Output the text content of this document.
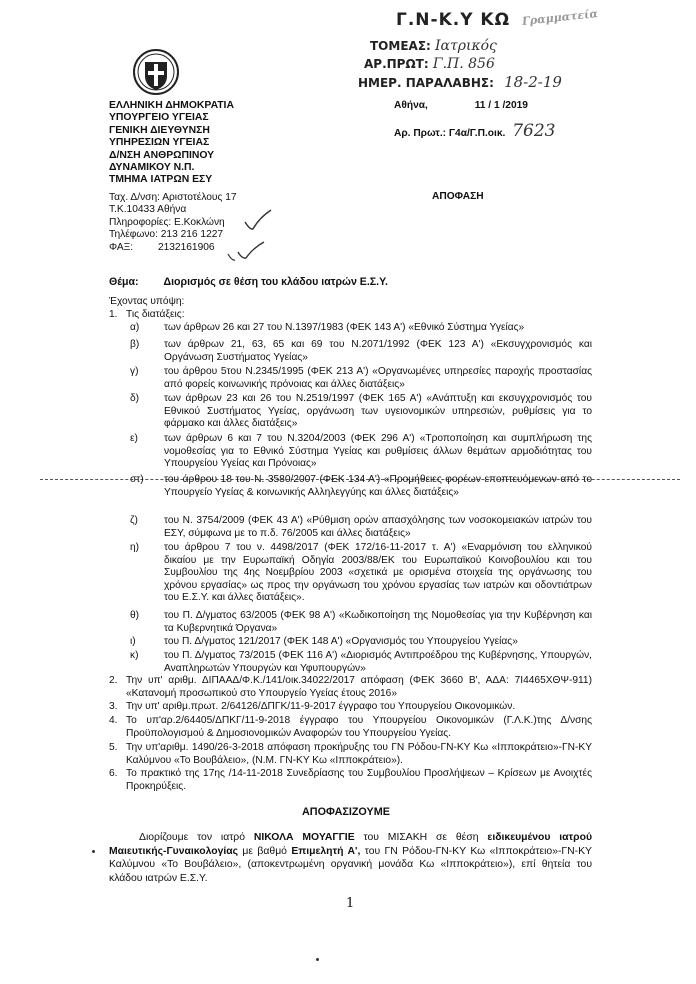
Γ.Ν-Κ.Υ ΚΩ Γραμματεία
ΤΟΜΕΑΣ: Ιατρικός
ΑΡ.ΠΡΩΤ: Γ.Π. 856
ΗΜΕΡ. ΠΑΡΑΛΑΒΗΣ: 18-2-19
ΕΛΛΗΝΙΚΗ ΔΗΜΟΚΡΑΤΙΑ
ΥΠΟΥΡΓΕΙΟ ΥΓΕΙΑΣ
ΓΕΝΙΚΗ ΔΙΕΥΘΥΝΣΗ
ΥΠΗΡΕΣΙΩΝ ΥΓΕΙΑΣ
Δ/ΝΣΗ ΑΝΘΡΩΠΙΝΟΥ
ΔΥΝΑΜΙΚΟΥ Ν.Π.
ΤΜΗΜΑ ΙΑΤΡΩΝ ΕΣΥ
Αθήνα,	11 / 1 /2019
Αρ. Πρωτ.: Γ4α/Γ.Π.οικ. 7623
ΑΠΟΦΑΣΗ
Ταχ. Δ/νση: Αριστοτέλους 17
Τ.Κ.10433 Αθήνα
Πληροφορίες: Ε.Κοκλώνη
Τηλέφωνο: 213 216 1227
ΦΑΞ: 2132161906
Θέμα: Διορισμός σε θέση του κλάδου ιατρών Ε.Σ.Υ.
Έχοντας υπόψη:
1. Τις διατάξεις:
α)	των άρθρων 26 και 27 του Ν.1397/1983 (ΦΕΚ 143 Α') «Εθνικό Σύστημα Υγείας»
β)	των άρθρων 21, 63, 65 και 69 του Ν.2071/1992 (ΦΕΚ 123 Α') «Εκσυγχρονισμός και Οργάνωση Συστήματος Υγείας»
γ)	του άρθρου 5του Ν.2345/1995 (ΦΕΚ 213 Α') «Οργανωμένες υπηρεσίες παροχής προστασίας από φορείς κοινωνικής πρόνοιας και άλλες διατάξεις»
δ)	των άρθρων 23 και 26 του Ν.2519/1997 (ΦΕΚ 165 Α') «Ανάπτυξη και εκσυγχρονισμός του Εθνικού Συστήματος Υγείας, οργάνωση των υγειονομικών υπηρεσιών, ρυθμίσεις για το φάρμακο και άλλες διατάξεις»
ε)	των άρθρων 6 και 7 του Ν.3204/2003 (ΦΕΚ 296 Α') «Τροποποίηση και συμπλήρωση της νομοθεσίας για το Εθνικό Σύστημα Υγείας και ρυθμίσεις άλλων θεμάτων αρμοδιότητας του Υπουργείου Υγείας και Πρόνοιας»
στ)	του άρθρου 18 του Ν. 3580/2007 (ΦΕΚ 134 Α') «Προμήθειες φορέων εποπτευόμενων από το Υπουργείο Υγείας & κοινωνικής Αλληλεγγύης και άλλες διατάξεις»
ζ)	του Ν. 3754/2009 (ΦΕΚ 43 Α') «Ρύθμιση ορών απασχόλησης των νοσοκομειακών ιατρών του ΕΣΥ, σύμφωνα με το π.δ. 76/2005 και άλλες διατάξεις»
η)	του άρθρου 7 του ν. 4498/2017 (ΦΕΚ 172/16-11-2017 τ. Α') «Εναρμόνιση του ελληνικού δικαίου με την Ευρωπαϊκή Οδηγία 2003/88/ΕΚ του Ευρωπαϊκού Κοινοβουλίου και του Συμβουλίου της 4ης Νοεμβρίου 2003 «σχετικά με ορισμένα στοιχεία της οργάνωσης του χρόνου εργασίας» ως προς την οργάνωση του χρόνου εργασίας των ιατρών και οδοντιάτρων του Ε.Σ.Υ. και άλλες διατάξεις».
θ)	του Π. Δ/γματος 63/2005 (ΦΕΚ 98 Α') «Κωδικοποίηση της Νομοθεσίας για την Κυβέρνηση και τα Κυβερνητικά Όργανα»
ι)	του Π. Δ/γματος 121/2017 (ΦΕΚ 148 Α') «Οργανισμός του Υπουργείου Υγείας»
κ)	του Π. Δ/γματος 73/2015 (ΦΕΚ 116 Α') «Διορισμός Αντιπροέδρου της Κυβέρνησης, Υπουργών, Αναπληρωτών Υπουργών και Υφυπουργών»
2. Την υπ' αριθμ. ΔΙΠΑΑΔ/Φ.Κ./141/οικ.34022/2017 απόφαση (ΦΕΚ 3660 Β', ΑΔΑ: 7Ι4465ΧΘΨ-911) «Κατανομή προσωπικού στο Υπουργείο Υγείας έτους 2016»
3. Την υπ' αριθμ.πρωτ. 2/64126/ΔΠΓΚ/11-9-2017 έγγραφο του Υπουργείου Οικονομικών.
4. Το υπ'αρ.2/64405/ΔΠΚΓ/11-9-2018 έγγραφο του Υπουργείου Οικονομικών (Γ.Λ.Κ.)της Δ/νσης Προϋπολογισμού & Δημοσιονομικών Αναφορών του Υπουργείου Υγείας.
5. Την υπ'αριθμ. 1490/26-3-2018 απόφαση προκήρυξης του ΓΝ Ρόδου-ΓΝ-ΚΥ Κω «Ιπποκράτειο»-ΓΝ-ΚΥ Καλύμνου «Το Βουβάλειο», (Ν.Μ. ΓΝ-ΚΥ Κω «Ιπποκράτειο»).
6. Το πρακτικό της 17ης /14-11-2018 Συνεδρίασης του Συμβουλίου Προσλήψεων – Κρίσεων με Ανοιχτές Προκηρύξεις.
ΑΠΟΦΑΣΙΖΟΥΜΕ
Διορίζουμε τον ιατρό ΝΙΚΟΛΑ ΜΟΥΑΓΓΙΕ του ΜΙΣΑΚΗ σε θέση ειδικευμένου ιατρού Μαιευτικής-Γυναικολογίας με βαθμό Επιμελητή Α', του ΓΝ Ρόδου-ΓΝ-ΚΥ Κω «Ιπποκράτειο»-ΓΝ-ΚΥ Καλύμνου «Το Βουβάλειο», (αποκεντρωμένη οργανική μονάδα Κω «Ιπποκράτειο»), επί θητεία του κλάδου ιατρών Ε.Σ.Υ.
1
